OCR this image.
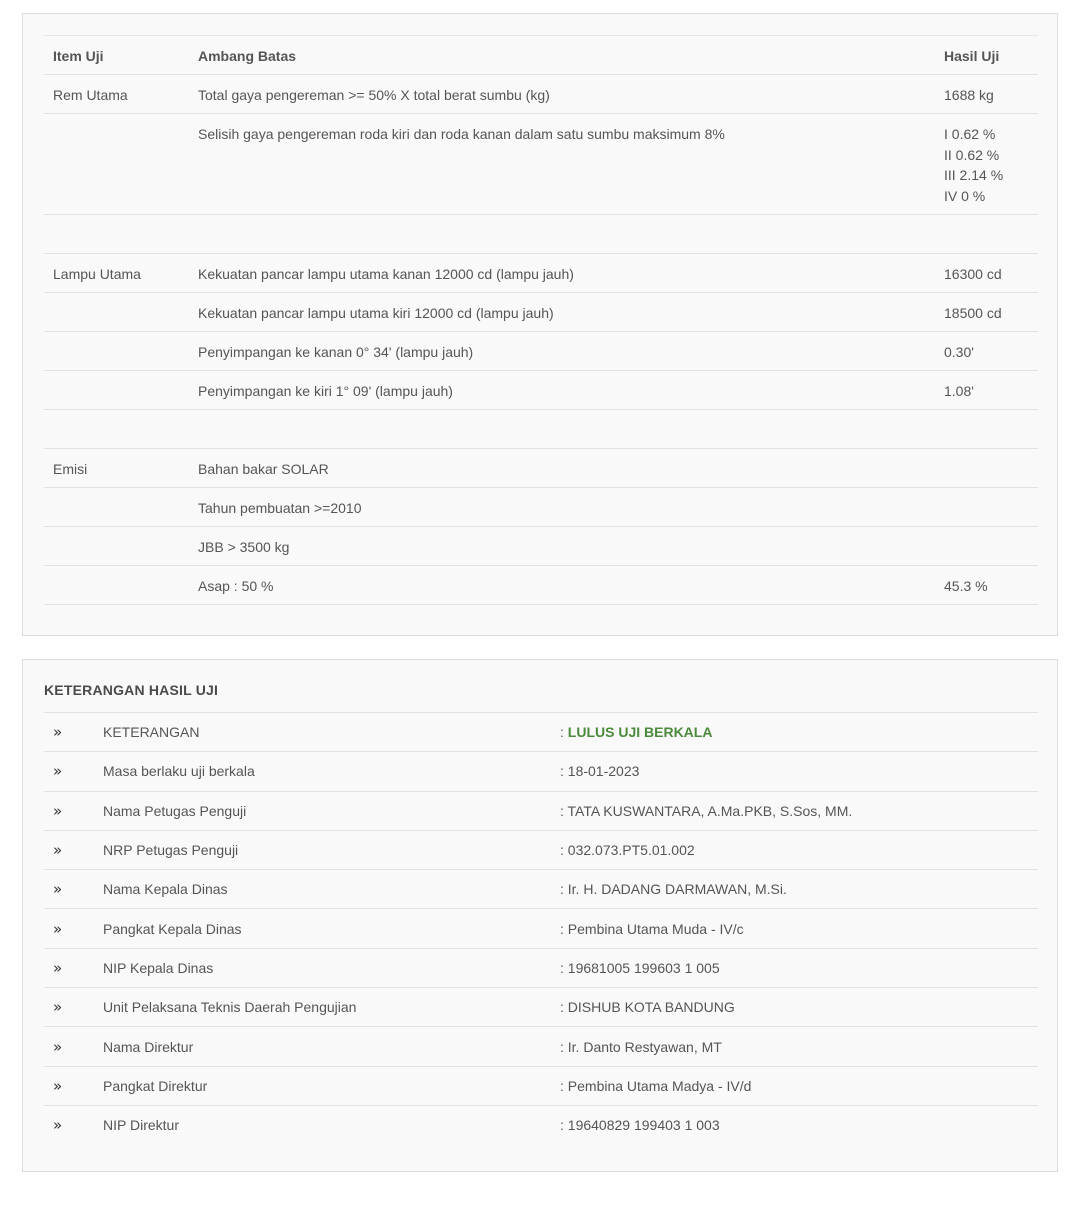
Item Uji	Ambang Batas	Hasil Uji
Rem Utama	Total gaya pengereman >= 50% X total berat sumbu (kg)	1688 kg
	Selisih gaya pengereman roda kiri dan roda kanan dalam satu sumbu maksimum 8%	I 0.62 %
II 0.62 %
III 2.14 %
IV 0 %

Lampu Utama	Kekuatan pancar lampu utama kanan 12000 cd (lampu jauh)	16300 cd
	Kekuatan pancar lampu utama kiri 12000 cd (lampu jauh)	18500 cd
	Penyimpangan ke kanan 0° 34' (lampu jauh)	0.30'
	Penyimpangan ke kiri 1° 09' (lampu jauh)	1.08'

Emisi	Bahan bakar SOLAR	
	Tahun pembuatan >=2010	
	JBB > 3500 kg	
	Asap : 50 %	45.3 %
KETERANGAN HASIL UJI
»	KETERANGAN	: LULUS UJI BERKALA
»	Masa berlaku uji berkala	: 18-01-2023
»	Nama Petugas Penguji	: TATA KUSWANTARA, A.Ma.PKB, S.Sos, MM.
»	NRP Petugas Penguji	: 032.073.PT5.01.002
»	Nama Kepala Dinas	: Ir. H. DADANG DARMAWAN, M.Si.
»	Pangkat Kepala Dinas	: Pembina Utama Muda - IV/c
»	NIP Kepala Dinas	: 19681005 199603 1 005
»	Unit Pelaksana Teknis Daerah Pengujian	: DISHUB KOTA BANDUNG
»	Nama Direktur	: Ir. Danto Restyawan, MT
»	Pangkat Direktur	: Pembina Utama Madya - IV/d
»	NIP Direktur	: 19640829 199403 1 003
